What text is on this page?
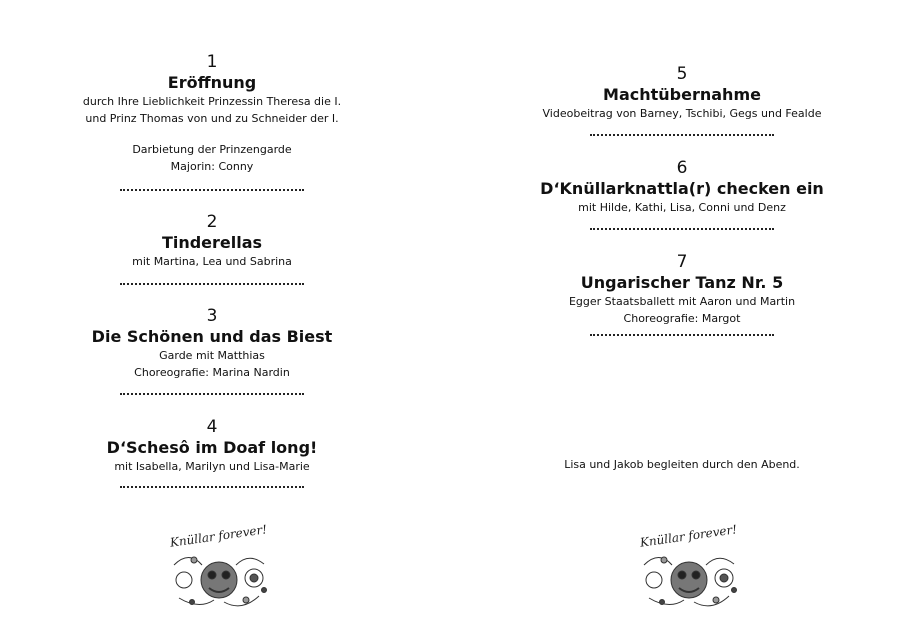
1
Eröffnung
durch Ihre Lieblichkeit Prinzessin Theresa die I.
und Prinz Thomas von und zu Schneider der I.
Darbietung der Prinzengarde
Majorin: Conny
2
Tinderellas
mit Martina, Lea und Sabrina
3
Die Schönen und das Biest
Garde mit Matthias
Choreografie: Marina Nardin
4
D‘Schesô im Doaf long!
mit Isabella, Marilyn und Lisa-Marie
Knüllar forever!
5
Machtübernahme
Videobeitrag von Barney, Tschibi, Gegs und Fealde
6
D‘Knüllarknattla(r) checken ein
mit Hilde, Kathi, Lisa, Conni und Denz
7
Ungarischer Tanz Nr. 5
Egger Staatsballett mit Aaron und Martin
Choreografie: Margot
Lisa und Jakob begleiten durch den Abend.
Knüllar forever!
